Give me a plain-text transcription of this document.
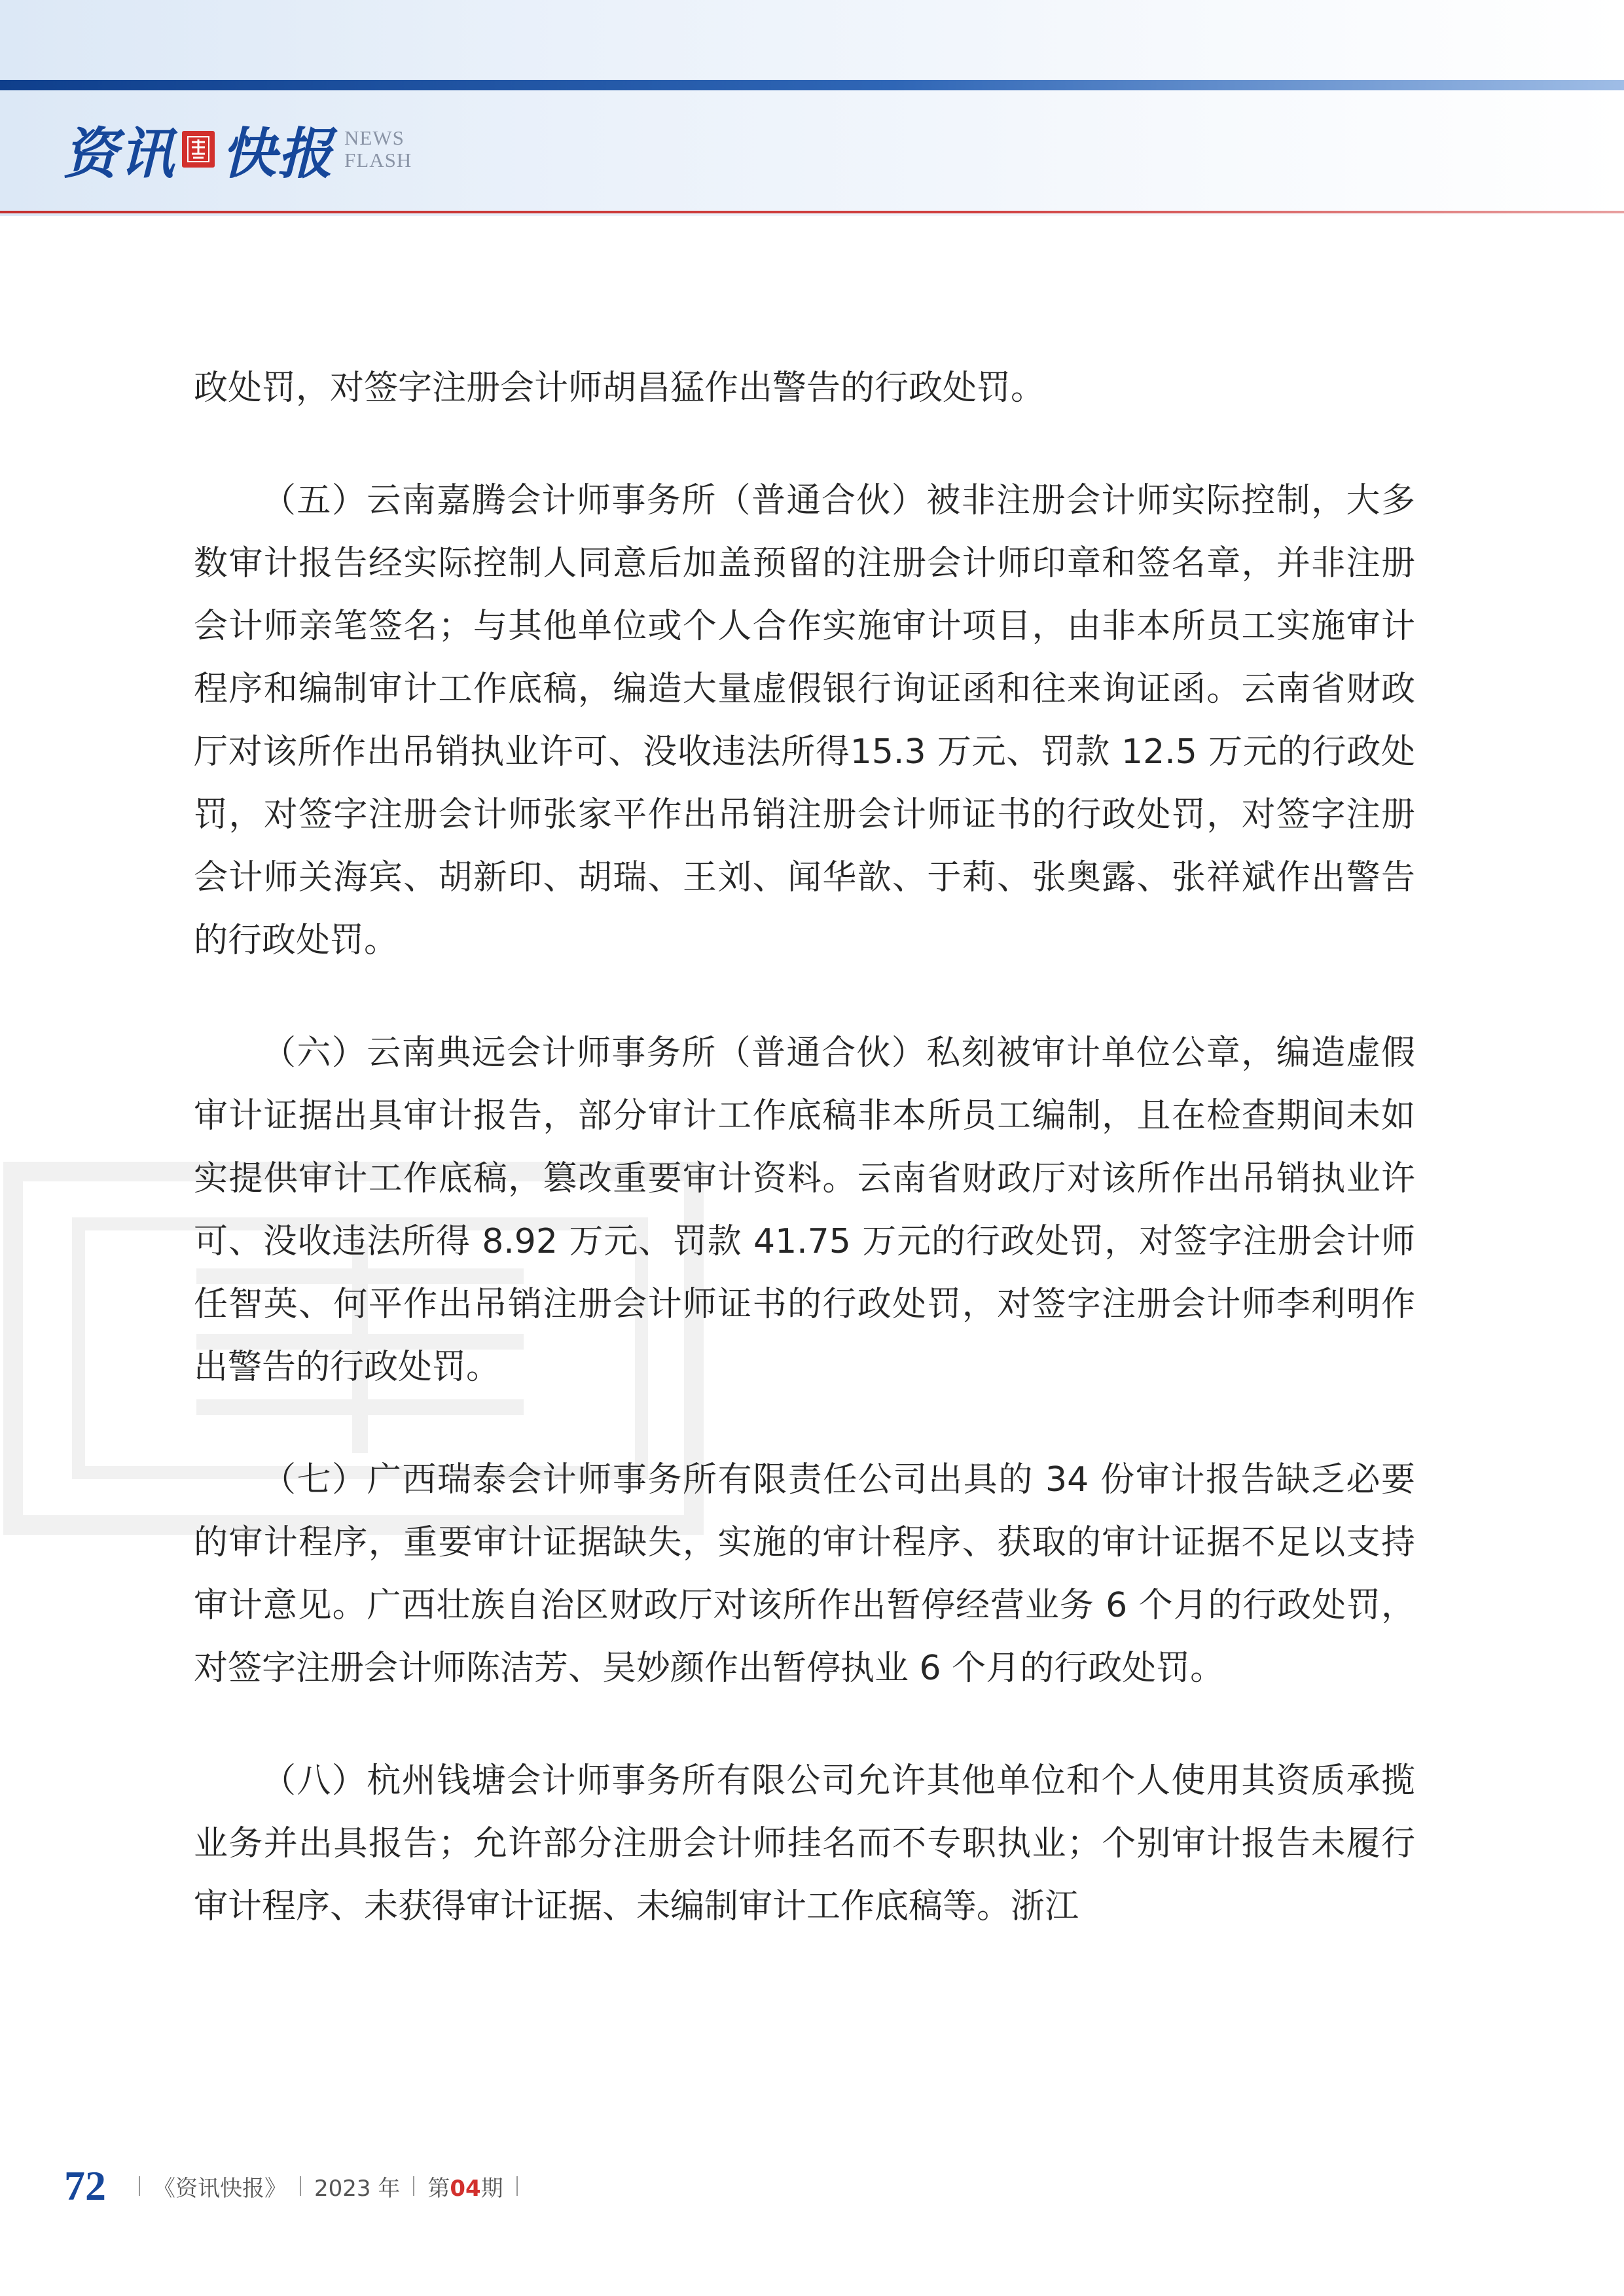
资讯 快报 NEWS
FLASH

政处罚，对签字注册会计师胡昌猛作出警告的行政处罚。

（五）云南嘉腾会计师事务所（普通合伙）被非注册会计师实际控制，大多数审计报告经实际控制人同意后加盖预留的注册会计师印章和签名章，并非注册会计师亲笔签名；与其他单位或个人合作实施审计项目，由非本所员工实施审计程序和编制审计工作底稿，编造大量虚假银行询证函和往来询证函。云南省财政厅对该所作出吊销执业许可、没收违法所得15.3 万元、罚款 12.5 万元的行政处罚，对签字注册会计师张家平作出吊销注册会计师证书的行政处罚，对签字注册会计师关海宾、胡新印、胡瑞、王刘、闻华歆、于莉、张奥露、张祥斌作出警告的行政处罚。

（六）云南典远会计师事务所（普通合伙）私刻被审计单位公章，编造虚假审计证据出具审计报告，部分审计工作底稿非本所员工编制，且在检查期间未如实提供审计工作底稿，篡改重要审计资料。云南省财政厅对该所作出吊销执业许可、没收违法所得 8.92 万元、罚款 41.75 万元的行政处罚，对签字注册会计师任智英、何平作出吊销注册会计师证书的行政处罚，对签字注册会计师李利明作出警告的行政处罚。

（七）广西瑞泰会计师事务所有限责任公司出具的 34 份审计报告缺乏必要的审计程序，重要审计证据缺失，实施的审计程序、获取的审计证据不足以支持审计意见。广西壮族自治区财政厅对该所作出暂停经营业务 6 个月的行政处罚，对签字注册会计师陈洁芳、吴妙颜作出暂停执业 6 个月的行政处罚。

（八）杭州钱塘会计师事务所有限公司允许其他单位和个人使用其资质承揽业务并出具报告；允许部分注册会计师挂名而不专职执业；个别审计报告未履行审计程序、未获得审计证据、未编制审计工作底稿等。浙江

72 《资讯快报》 2023 年 第04期
